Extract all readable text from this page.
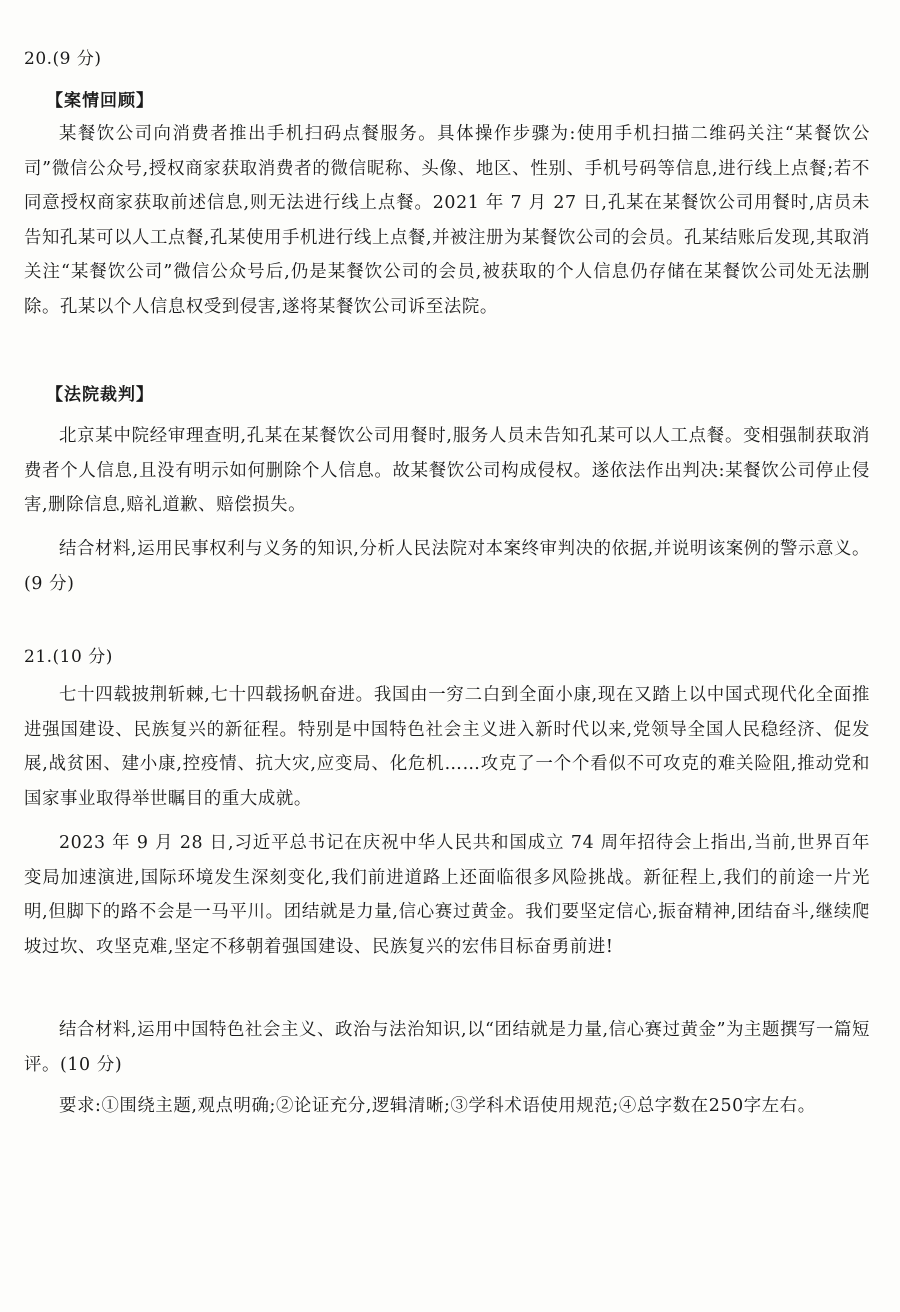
20.(9 分)
【案情回顾】

某餐饮公司向消费者推出手机扫码点餐服务。具体操作步骤为:使用手机扫描二维码关注“某餐饮公司”微信公众号,授权商家获取消费者的微信昵称、头像、地区、性别、手机号码等信息,进行线上点餐;若不同意授权商家获取前述信息,则无法进行线上点餐。2021 年 7 月 27 日,孔某在某餐饮公司用餐时,店员未告知孔某可以人工点餐,孔某使用手机进行线上点餐,并被注册为某餐饮公司的会员。孔某结账后发现,其取消关注“某餐饮公司”微信公众号后,仍是某餐饮公司的会员,被获取的个人信息仍存储在某餐饮公司处无法删除。孔某以个人信息权受到侵害,遂将某餐饮公司诉至法院。

【法院裁判】

北京某中院经审理查明,孔某在某餐饮公司用餐时,服务人员未告知孔某可以人工点餐。变相强制获取消费者个人信息,且没有明示如何删除个人信息。故某餐饮公司构成侵权。遂依法作出判决:某餐饮公司停止侵害,删除信息,赔礼道歉、赔偿损失。

结合材料,运用民事权利与义务的知识,分析人民法院对本案终审判决的依据,并说明该案例的警示意义。(9 分)

21.(10 分)

七十四载披荆斩棘,七十四载扬帆奋进。我国由一穷二白到全面小康,现在又踏上以中国式现代化全面推进强国建设、民族复兴的新征程。特别是中国特色社会主义进入新时代以来,党领导全国人民稳经济、促发展,战贫困、建小康,控疫情、抗大灾,应变局、化危机……攻克了一个个看似不可攻克的难关险阻,推动党和国家事业取得举世瞩目的重大成就。

2023 年 9 月 28 日,习近平总书记在庆祝中华人民共和国成立 74 周年招待会上指出,当前,世界百年变局加速演进,国际环境发生深刻变化,我们前进道路上还面临很多风险挑战。新征程上,我们的前途一片光明,但脚下的路不会是一马平川。团结就是力量,信心赛过黄金。我们要坚定信心,振奋精神,团结奋斗,继续爬坡过坎、攻坚克难,坚定不移朝着强国建设、民族复兴的宏伟目标奋勇前进!

结合材料,运用中国特色社会主义、政治与法治知识,以“团结就是力量,信心赛过黄金”为主题撰写一篇短评。(10 分)

要求:①围绕主题,观点明确;②论证充分,逻辑清晰;③学科术语使用规范;④总字数在250字左右。
